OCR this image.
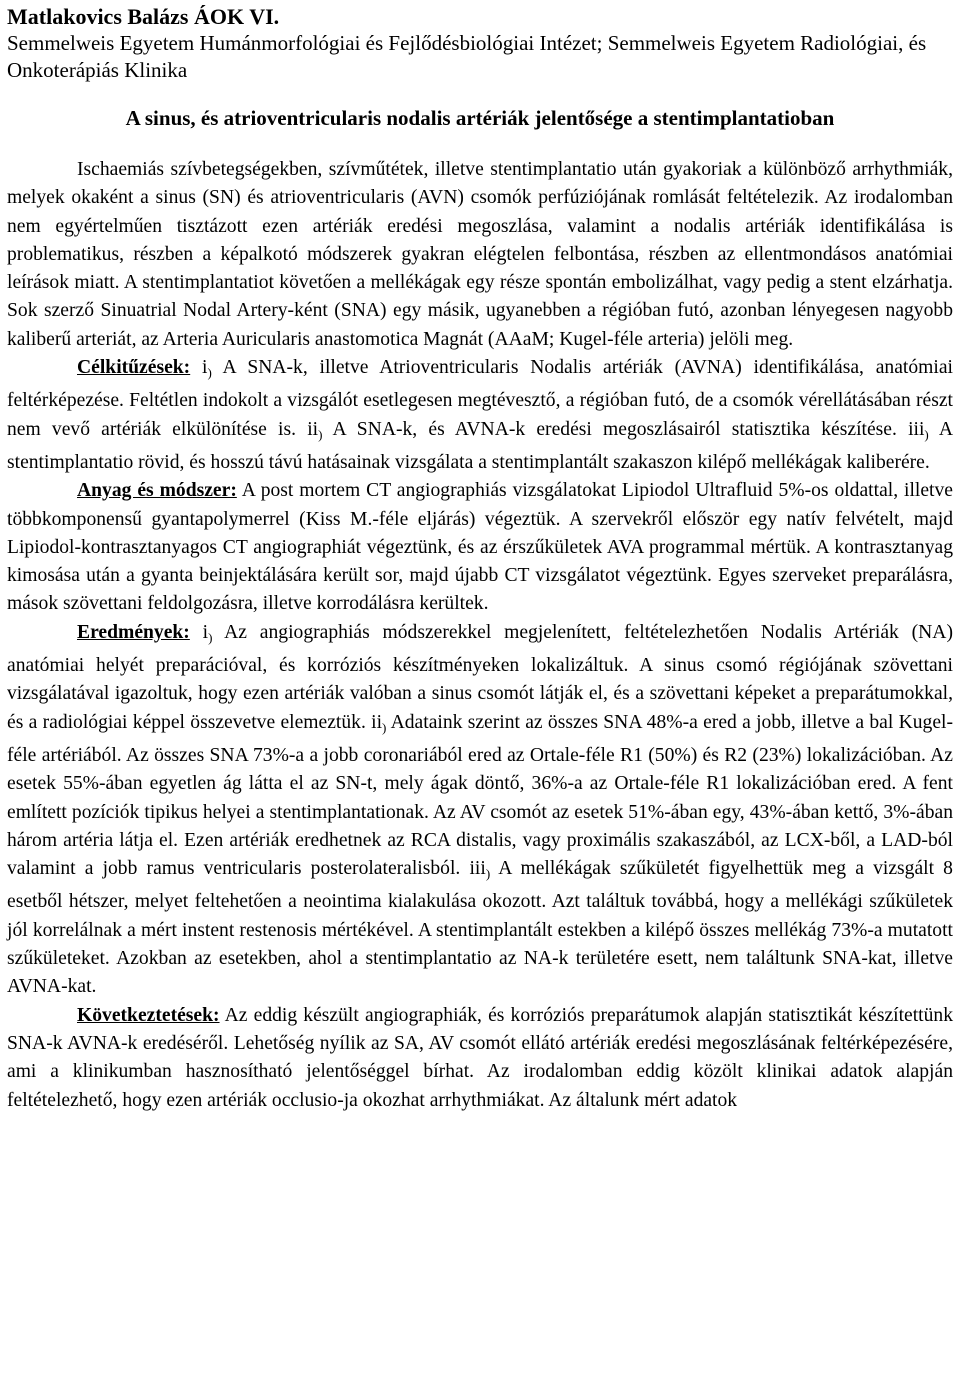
Matlakovics Balázs ÁOK VI.

Semmelweis Egyetem Humánmorfológiai és Fejlődésbiológiai Intézet; Semmelweis Egyetem Radiológiai, és Onkoterápiás Klinika

A sinus, és atrioventricularis nodalis artériák jelentősége a stentimplantatioban

Ischaemiás szívbetegségekben, szívműtétek, illetve stentimplantatio után gyakoriak a különböző arrhythmiák, melyek okaként a sinus (SN) és atrioventricularis (AVN) csomók perfúziójának romlását feltételezik. Az irodalomban nem egyértelműen tisztázott ezen artériák eredési megoszlása, valamint a nodalis artériák identifikálása is problematikus, részben a képalkotó módszerek gyakran elégtelen felbontása, részben az ellentmondásos anatómiai leírások miatt. A stentimplantatiot követően a mellékágak egy része spontán embolizálhat, vagy pedig a stent elzárhatja. Sok szerző Sinuatrial Nodal Artery-ként (SNA) egy másik, ugyanebben a régióban futó, azonban lényegesen nagyobb kaliberű arteriát, az Arteria Auricularis anastomotica Magnát (AAaM; Kugel-féle arteria) jelöli meg.

Célkitűzések: $i_)$ A SNA-k, illetve Atrioventricularis Nodalis artériák (AVNA) identifikálása, anatómiai feltérképezése. Feltétlen indokolt a vizsgálót esetlegesen megtévesztő, a régióban futó, de a csomók vérellátásában részt nem vevő artériák elkülönítése is. $ii_)$ A SNA-k, és AVNA-k eredési megoszlásairól statisztika készítése. iii$_)$ A stentimplantatio rövid, és hosszú távú hatásainak vizsgálata a stentimplantált szakaszon kilépő mellékágak kaliberére.

Anyag és módszer: A post mortem CT angiographiás vizsgálatokat Lipiodol Ultrafluid 5%-os oldattal, illetve többkomponensű gyantapolymerrel (Kiss M.-féle eljárás) végeztük. A szervekről először egy natív felvételt, majd Lipiodol-kontrasztanyagos CT angiographiát végeztünk, és az érszűkületek AVA programmal mértük. A kontrasztanyag kimosása után a gyanta beinjektálására került sor, majd újabb CT vizsgálatot végeztünk. Egyes szerveket preparálásra, mások szövettani feldolgozásra, illetve korrodálásra kerültek.

Eredmények: $i_)$ Az angiographiás módszerekkel megjelenített, feltételezhetően Nodalis Artériák (NA) anatómiai helyét preparációval, és korróziós készítményeken lokalizáltuk. A sinus csomó régiójának szövettani vizsgálatával igazoltuk, hogy ezen artériák valóban a sinus csomót látják el, és a szövettani képeket a preparátumokkal, és a radiológiai képpel összevetve elemeztük. $ii_)$ Adataink szerint az összes SNA 48%-a ered a jobb, illetve a bal Kugel-féle artériából. Az összes SNA 73%-a a jobb coronariából ered az Ortale-féle R1 (50%) és R2 (23%) lokalizációban. Az esetek 55%-ában egyetlen ág látta el az SN-t, mely ágak döntő, 36%-a az Ortale-féle R1 lokalizációban ered. A fent említett pozíciók tipikus helyei a stentimplantationak. Az AV csomót az esetek 51%-ában egy, 43%-ában kettő, 3%-ában három artéria látja el. Ezen artériák eredhetnek az RCA distalis, vagy proximális szakaszából, az LCX-ből, a LAD-ból valamint a jobb ramus ventricularis posterolateralisból. iii$_)$ A mellékágak szűkületét figyelhettük meg a vizsgált 8 esetből hétszer, melyet feltehetően a neointima kialakulása okozott. Azt találtuk továbbá, hogy a mellékági szűkületek jól korrelálnak a mért instent restenosis mértékével. A stentimplantált estekben a kilépő összes mellékág 73%-a mutatott szűkületeket. Azokban az esetekben, ahol a stentimplantatio az NA-k területére esett, nem találtunk SNA-kat, illetve AVNA-kat.

Következtetések: Az eddig készült angiographiák, és korróziós preparátumok alapján statisztikát készítettünk SNA-k AVNA-k eredéséről. Lehetőség nyílik az SA, AV csomót ellátó artériák eredési megoszlásának feltérképezésére, ami a klinikumban hasznosítható jelentőséggel bírhat. Az irodalomban eddig közölt klinikai adatok alapján feltételezhető, hogy ezen artériák occlusio-ja okozhat arrhythmiákat. Az általunk mért adatok
